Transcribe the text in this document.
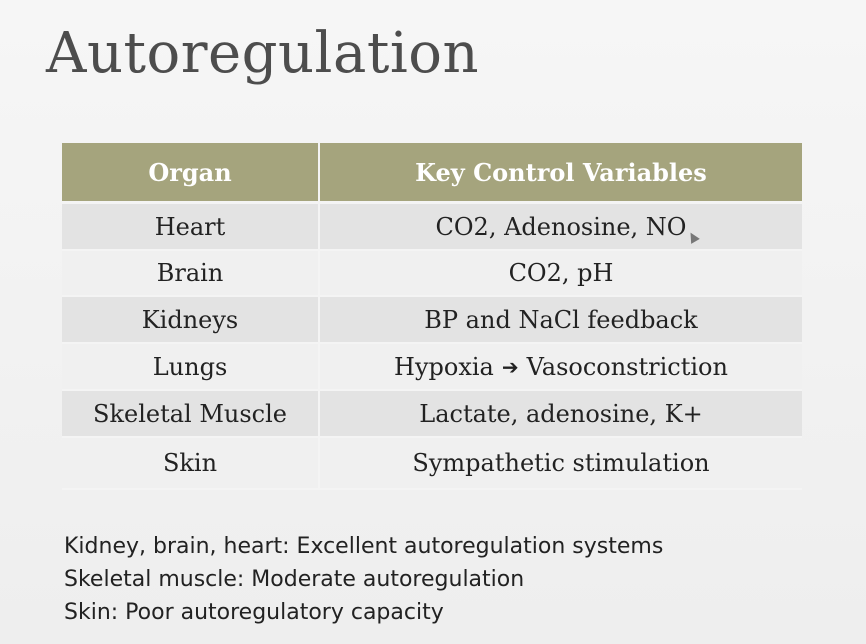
Autoregulation
Organ	Key Control Variables
Heart	CO2, Adenosine, NO
Brain	CO2, pH
Kidneys	BP and NaCl feedback
Lungs	Hypoxia ➔ Vasoconstriction
Skeletal Muscle	Lactate, adenosine, K+
Skin	Sympathetic stimulation
Kidney, brain, heart: Excellent autoregulation systems
Skeletal muscle: Moderate autoregulation
Skin: Poor autoregulatory capacity
